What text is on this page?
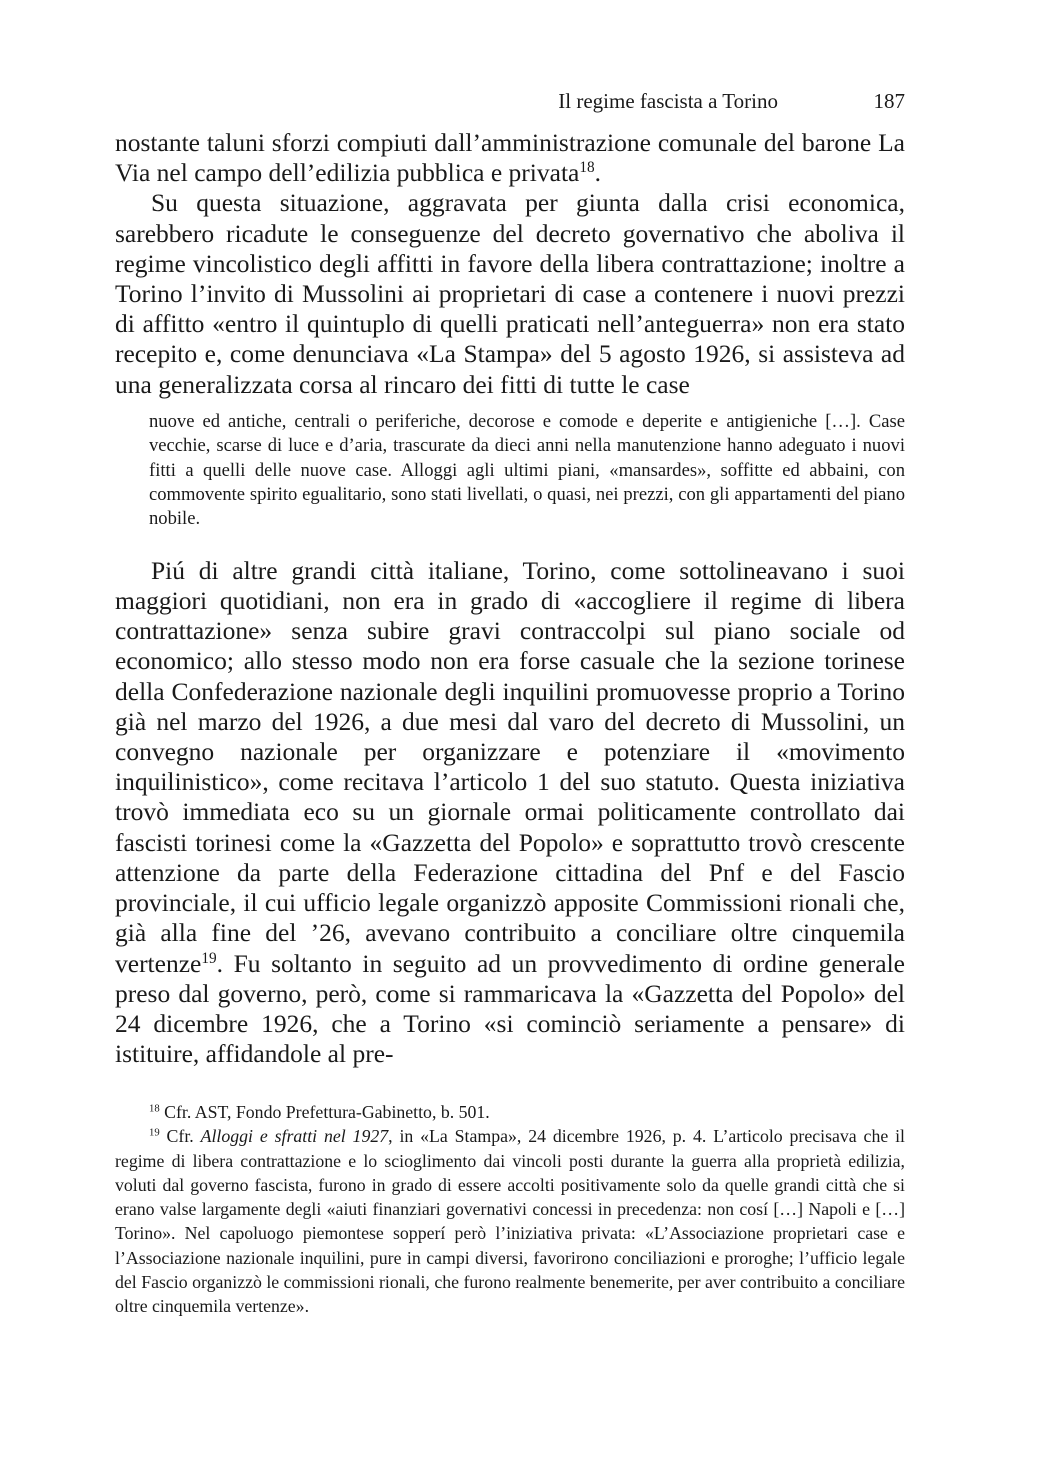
Il regime fascista a Torino	187

nostante taluni sforzi compiuti dall’amministrazione comunale del barone La Via nel campo dell’edilizia pubblica e privata$^{18}$.

Su questa situazione, aggravata per giunta dalla crisi economica, sarebbero ricadute le conseguenze del decreto governativo che aboliva il regime vincolistico degli affitti in favore della libera contrattazione; inoltre a Torino l’invito di Mussolini ai proprietari di case a contenere i nuovi prezzi di affitto «entro il quintuplo di quelli praticati nell’anteguerra» non era stato recepito e, come denunciava «La Stampa» del 5 agosto 1926, si assisteva ad una generalizzata corsa al rincaro dei fitti di tutte le case

nuove ed antiche, centrali o periferiche, decorose e comode e deperite e antigieniche […]. Case vecchie, scarse di luce e d’aria, trascurate da dieci anni nella manutenzione hanno adeguato i nuovi fitti a quelli delle nuove case. Alloggi agli ultimi piani, «mansardes», soffitte ed abbaini, con commovente spirito egualitario, sono stati livellati, o quasi, nei prezzi, con gli appartamenti del piano nobile.

Piú di altre grandi città italiane, Torino, come sottolineavano i suoi maggiori quotidiani, non era in grado di «accogliere il regime di libera contrattazione» senza subire gravi contraccolpi sul piano sociale od economico; allo stesso modo non era forse casuale che la sezione torinese della Confederazione nazionale degli inquilini promuovesse proprio a Torino già nel marzo del 1926, a due mesi dal varo del decreto di Mussolini, un convegno nazionale per organizzare e potenziare il «movimento inquilinistico», come recitava l’articolo 1 del suo statuto. Questa iniziativa trovò immediata eco su un giornale ormai politicamente controllato dai fascisti torinesi come la «Gazzetta del Popolo» e soprattutto trovò crescente attenzione da parte della Federazione cittadina del Pnf e del Fascio provinciale, il cui ufficio legale organizzò apposite Commissioni rionali che, già alla fine del ’26, avevano contribuito a conciliare oltre cinquemila vertenze$^{19}$. Fu soltanto in seguito ad un provvedimento di ordine generale preso dal governo, però, come si rammaricava la «Gazzetta del Popolo» del 24 dicembre 1926, che a Torino «si cominciò seriamente a pensare» di istituire, affidandole al pre-

$^{18}$ Cfr. AST, Fondo Prefettura-Gabinetto, b. 501.

$^{19}$ Cfr. Alloggi e sfratti nel 1927, in «La Stampa», 24 dicembre 1926, p. 4. L’articolo precisava che il regime di libera contrattazione e lo scioglimento dai vincoli posti durante la guerra alla proprietà edilizia, voluti dal governo fascista, furono in grado di essere accolti positivamente solo da quelle grandi città che si erano valse largamente degli «aiuti finanziari governativi concessi in precedenza: non cosí […] Napoli e […] Torino». Nel capoluogo piemontese sopperí però l’iniziativa privata: «L’Associazione proprietari case e l’Associazione nazionale inquilini, pure in campi diversi, favorirono conciliazioni e proroghe; l’ufficio legale del Fascio organizzò le commissioni rionali, che furono realmente benemerite, per aver contribuito a conciliare oltre cinquemila vertenze».
